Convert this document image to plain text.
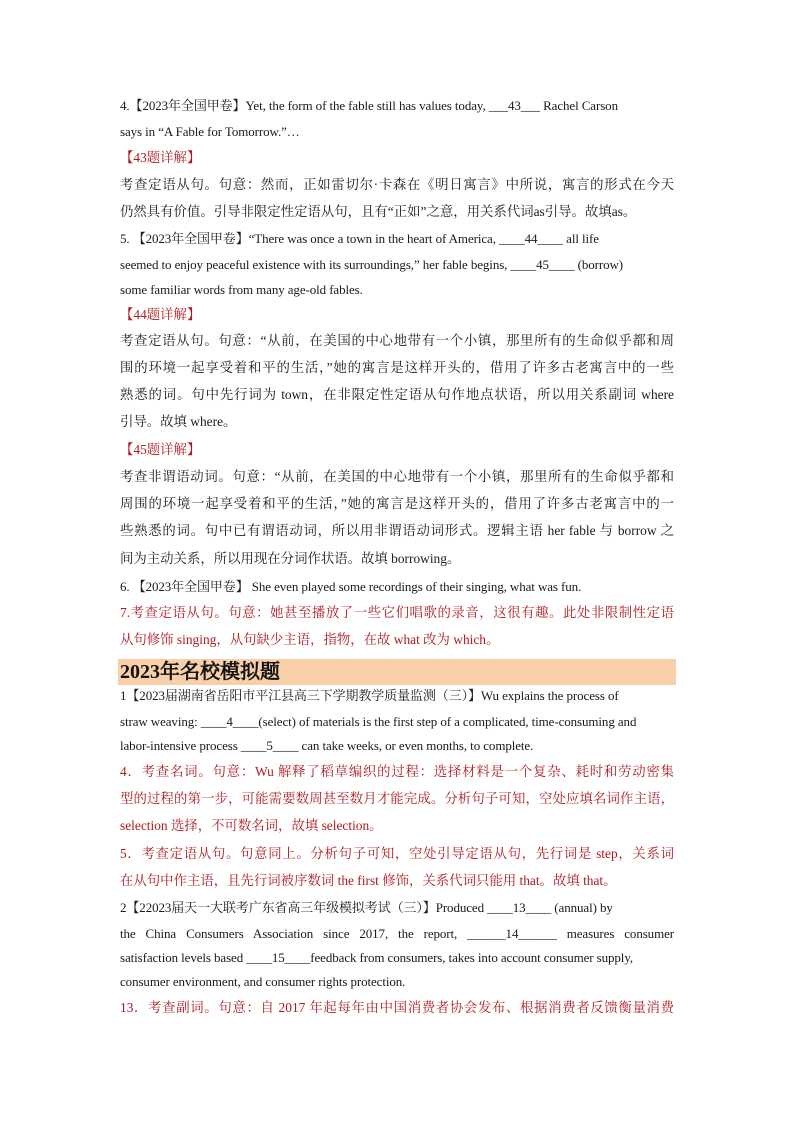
4.【2023年全国甲卷】Yet, the form of the fable still has values today, ___43___ Rachel Carson
says in “A Fable for Tomorrow.”…
【43题详解】
考查定语从句。句意：然而，正如雷切尔·卡森在《明日寓言》中所说，寓言的形式在今天
仍然具有价值。引导非限定性定语从句，且有“正如”之意，用关系代词as引导。故填as。
5. 【2023年全国甲卷】“There was once a town in the heart of America, ____44____ all life
seemed to enjoy peaceful existence with its surroundings,” her fable begins, ____45____ (borrow)
some familiar words from many age-old fables.
【44题详解】
考查定语从句。句意：“从前，在美国的中心地带有一个小镇，那里所有的生命似乎都和周
围的环境一起享受着和平的生活，”她的寓言是这样开头的，借用了许多古老寓言中的一些
熟悉的词。句中先行词为 town，在非限定性定语从句作地点状语，所以用关系副词 where
引导。故填 where。
【45题详解】
考查非谓语动词。句意：“从前，在美国的中心地带有一个小镇，那里所有的生命似乎都和
周围的环境一起享受着和平的生活，”她的寓言是这样开头的，借用了许多古老寓言中的一
些熟悉的词。句中已有谓语动词，所以用非谓语动词形式。逻辑主语 her fable 与 borrow 之
间为主动关系，所以用现在分词作状语。故填 borrowing。
6. 【2023年全国甲卷】 She even played some recordings of their singing, what was fun.
7.考查定语从句。句意：她甚至播放了一些它们唱歌的录音，这很有趣。此处非限制性定语
从句修饰 singing，从句缺少主语，指物，在故 what 改为 which。
2023年名校模拟题
1【2023届湖南省岳阳市平江县高三下学期教学质量监测（三）】Wu explains the process of
straw weaving: ____4____(select) of materials is the first step of a complicated, time-consuming and
labor-intensive process ____5____ can take weeks, or even months, to complete.
4．考查名词。句意：Wu 解释了稻草编织的过程：选择材料是一个复杂、耗时和劳动密集
型的过程的第一步，可能需要数周甚至数月才能完成。分析句子可知，空处应填名词作主语，
selection 选择，不可数名词，故填 selection。
5．考查定语从句。句意同上。分析句子可知，空处引导定语从句，先行词是 step，关系词
在从句中作主语，且先行词被序数词 the first 修饰，关系代词只能用 that。故填 that。
2【22023届天一大联考广东省高三年级模拟考试（三）】Produced ____13____ (annual) by
the China Consumers Association since 2017, the report, ______14______ measures consumer
satisfaction levels based ____15____feedback from consumers, takes into account consumer supply,
consumer environment, and consumer rights protection.
13．考查副词。句意：自 2017 年起每年由中国消费者协会发布、根据消费者反馈衡量消费
